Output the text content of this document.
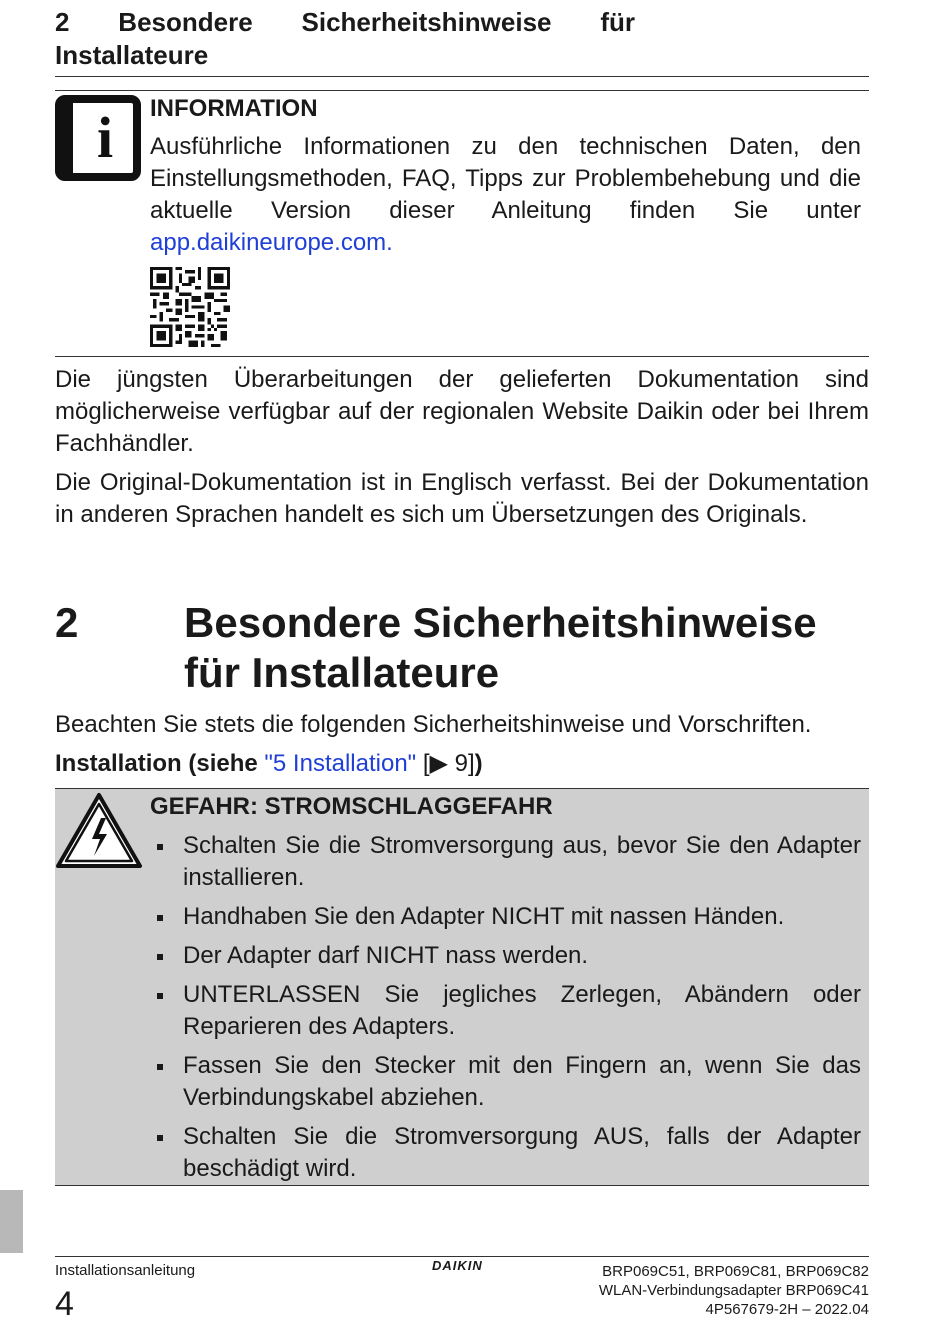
2 Besondere Sicherheitshinweise für
Installateure
i	INFORMATION
Ausführliche Informationen zu den technischen Daten, den Einstellungsmethoden, FAQ, Tipps zur Problembehebung und die aktuelle Version dieser Anleitung finden Sie unter app.daikineurope.com.
Die jüngsten Überarbeitungen der gelieferten Dokumentation sind möglicherweise verfügbar auf der regionalen Website Daikin oder bei Ihrem Fachhändler.
Die Original-Dokumentation ist in Englisch verfasst. Bei der Dokumentation in anderen Sprachen handelt es sich um Übersetzungen des Originals.
2	Besondere Sicherheitshinweise
für Installateure
Beachten Sie stets die folgenden Sicherheitshinweise und Vorschriften.
Installation (siehe "5 Installation" [▶ 9])
GEFAHR: STROMSCHLAGGEFAHR
Schalten Sie die Stromversorgung aus, bevor Sie den Adapter installieren.
Handhaben Sie den Adapter NICHT mit nassen Händen.
Der Adapter darf NICHT nass werden.
UNTERLASSEN Sie jegliches Zerlegen, Abändern oder Reparieren des Adapters.
Fassen Sie den Stecker mit den Fingern an, wenn Sie das Verbindungskabel abziehen.
Schalten Sie die Stromversorgung AUS, falls der Adapter beschädigt wird.
Installationsanleitung
4
DAIKIN	BRP069C51, BRP069C81, BRP069C82
WLAN-Verbindungsadapter BRP069C41
4P567679-2H – 2022.04
